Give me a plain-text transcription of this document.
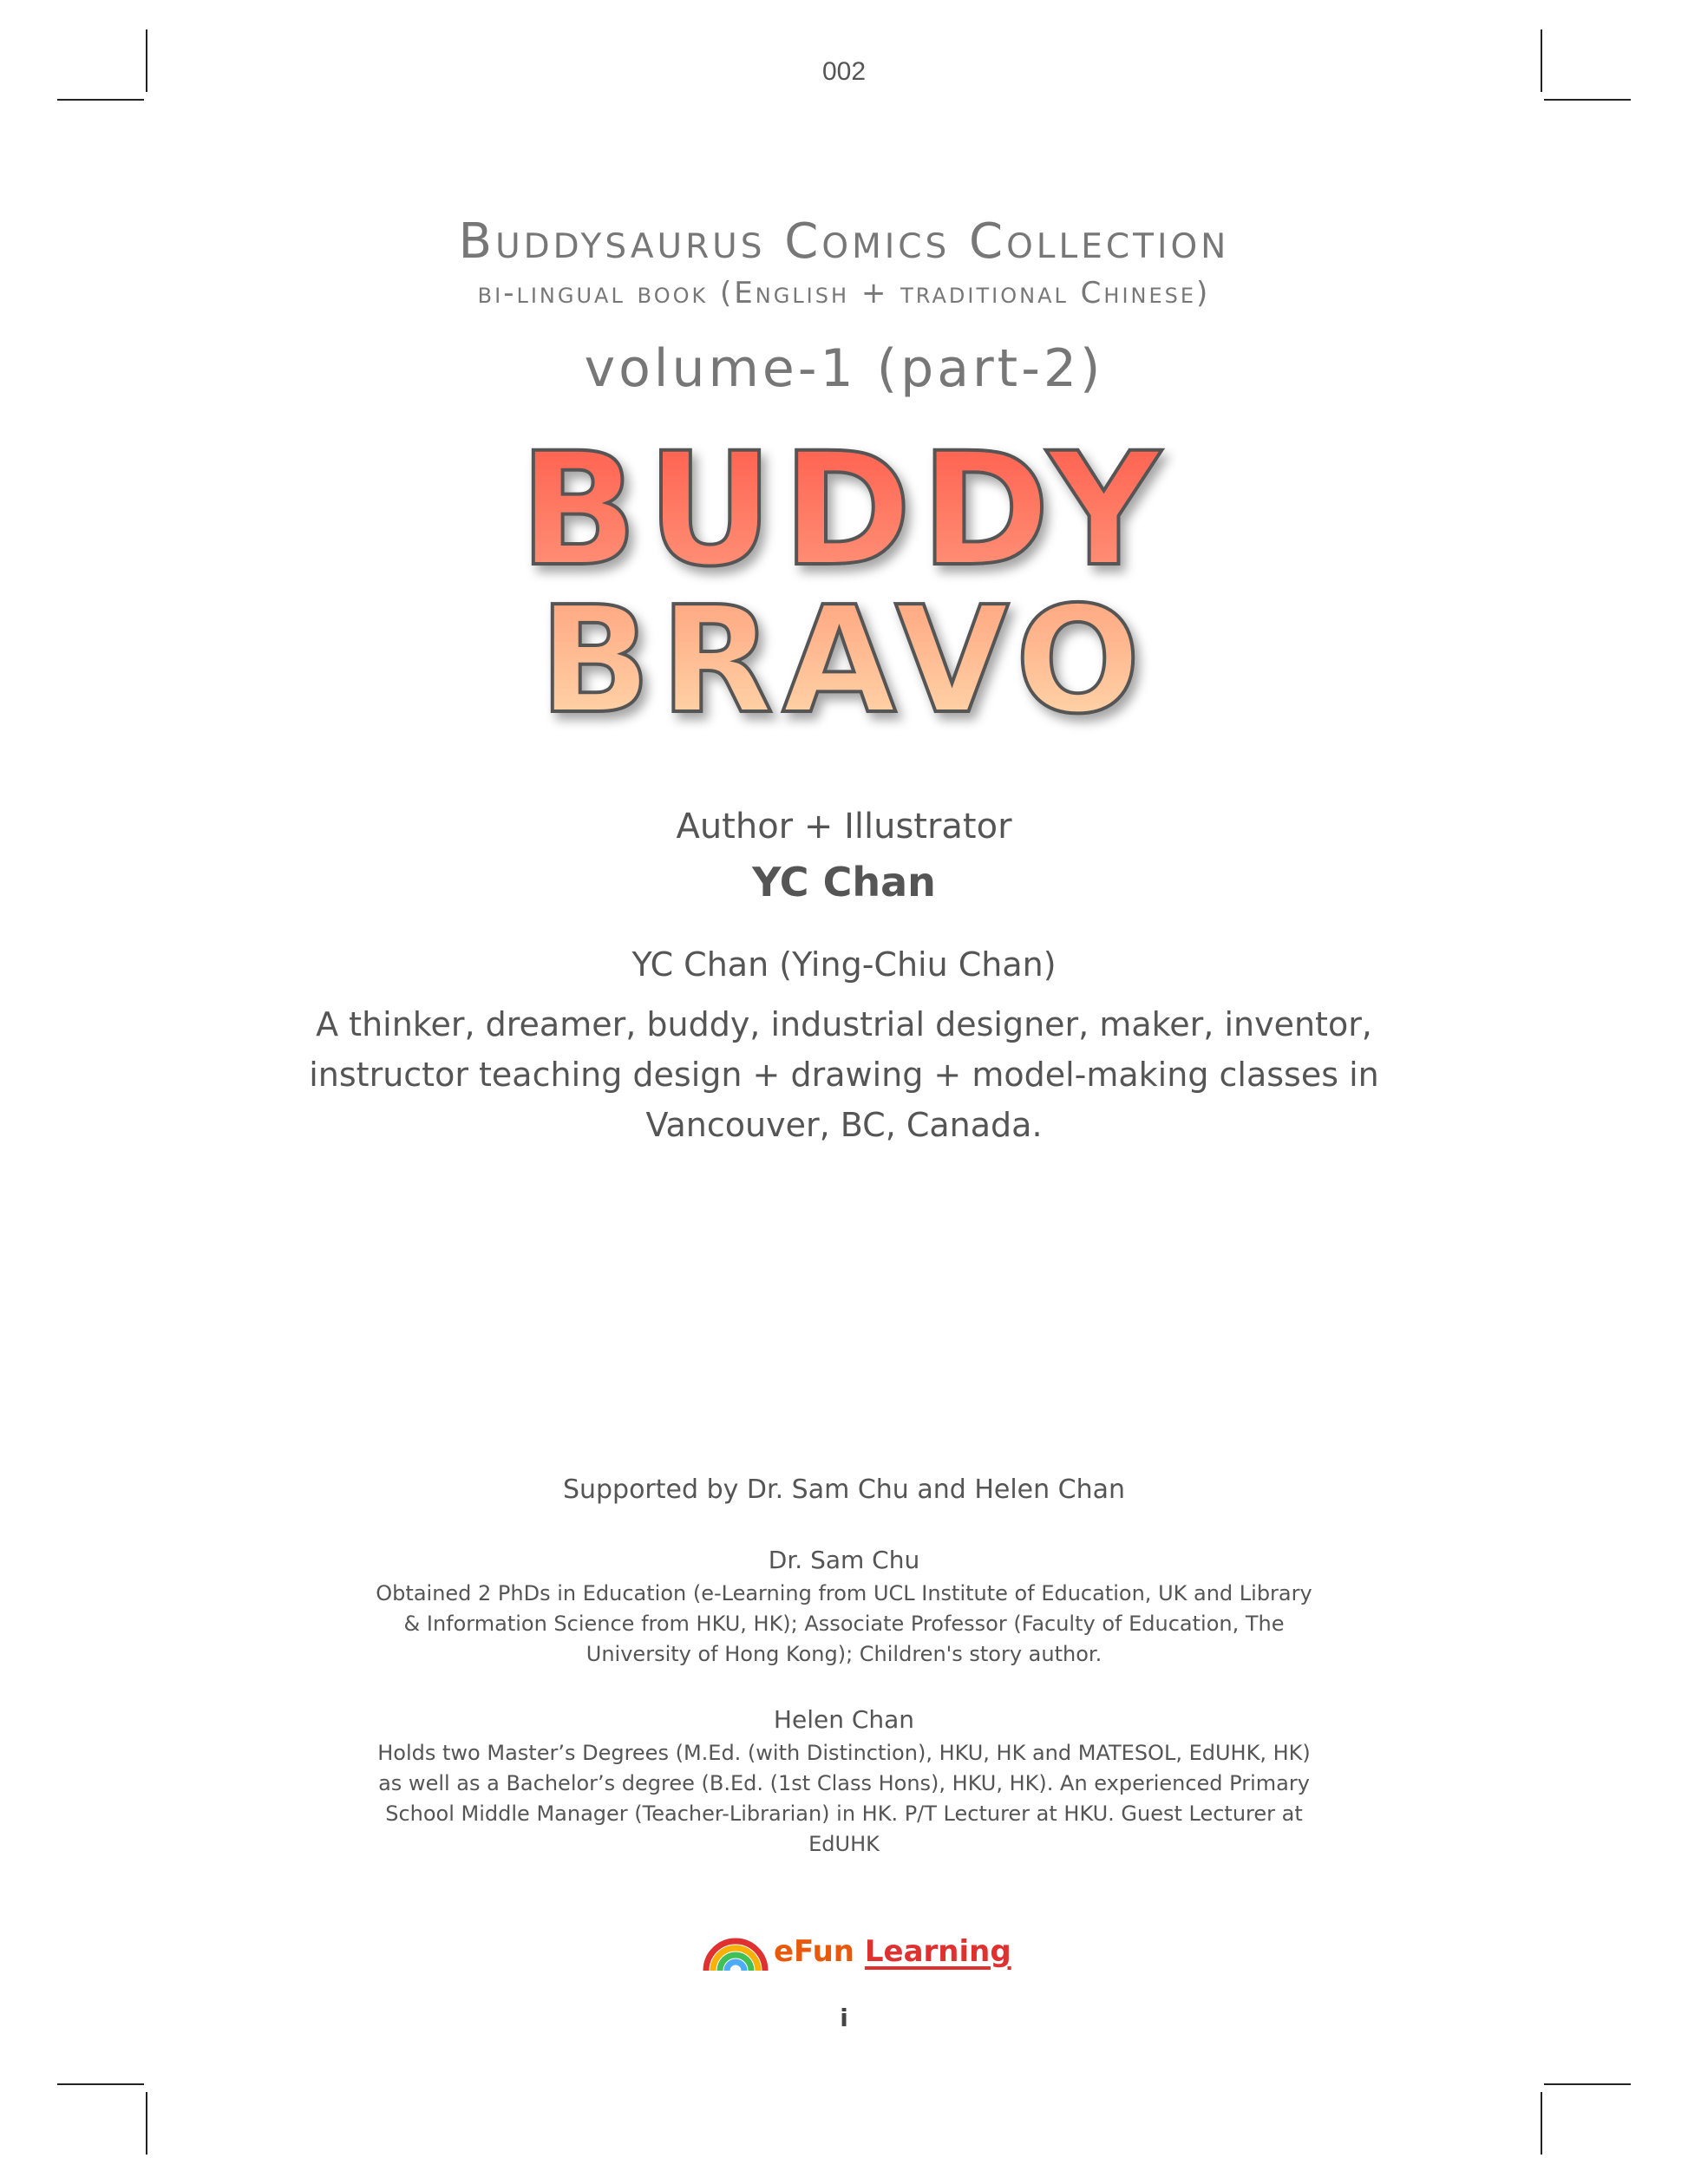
002
Buddysaurus Comics Collection
bi-lingual book (English + traditional Chinese)
volume-1 (part-2)
BUDDY
BRAVO
Author + Illustrator
YC Chan
YC Chan (Ying-Chiu Chan)
A thinker, dreamer, buddy, industrial designer, maker, inventor, instructor teaching design + drawing + model-making classes in Vancouver, BC, Canada.
Supported by Dr. Sam Chu and Helen Chan
Dr. Sam Chu
Obtained 2 PhDs in Education (e-Learning from UCL Institute of Education, UK and Library & Information Science from HKU, HK); Associate Professor (Faculty of Education, The University of Hong Kong); Children's story author.
Helen Chan
Holds two Master’s Degrees (M.Ed. (with Distinction), HKU, HK and MATESOL, EdUHK, HK) as well as a Bachelor’s degree (B.Ed. (1st Class Hons), HKU, HK). An experienced Primary School Middle Manager (Teacher-Librarian) in HK. P/T Lecturer at HKU. Guest Lecturer at EdUHK
eFun Learning
i
